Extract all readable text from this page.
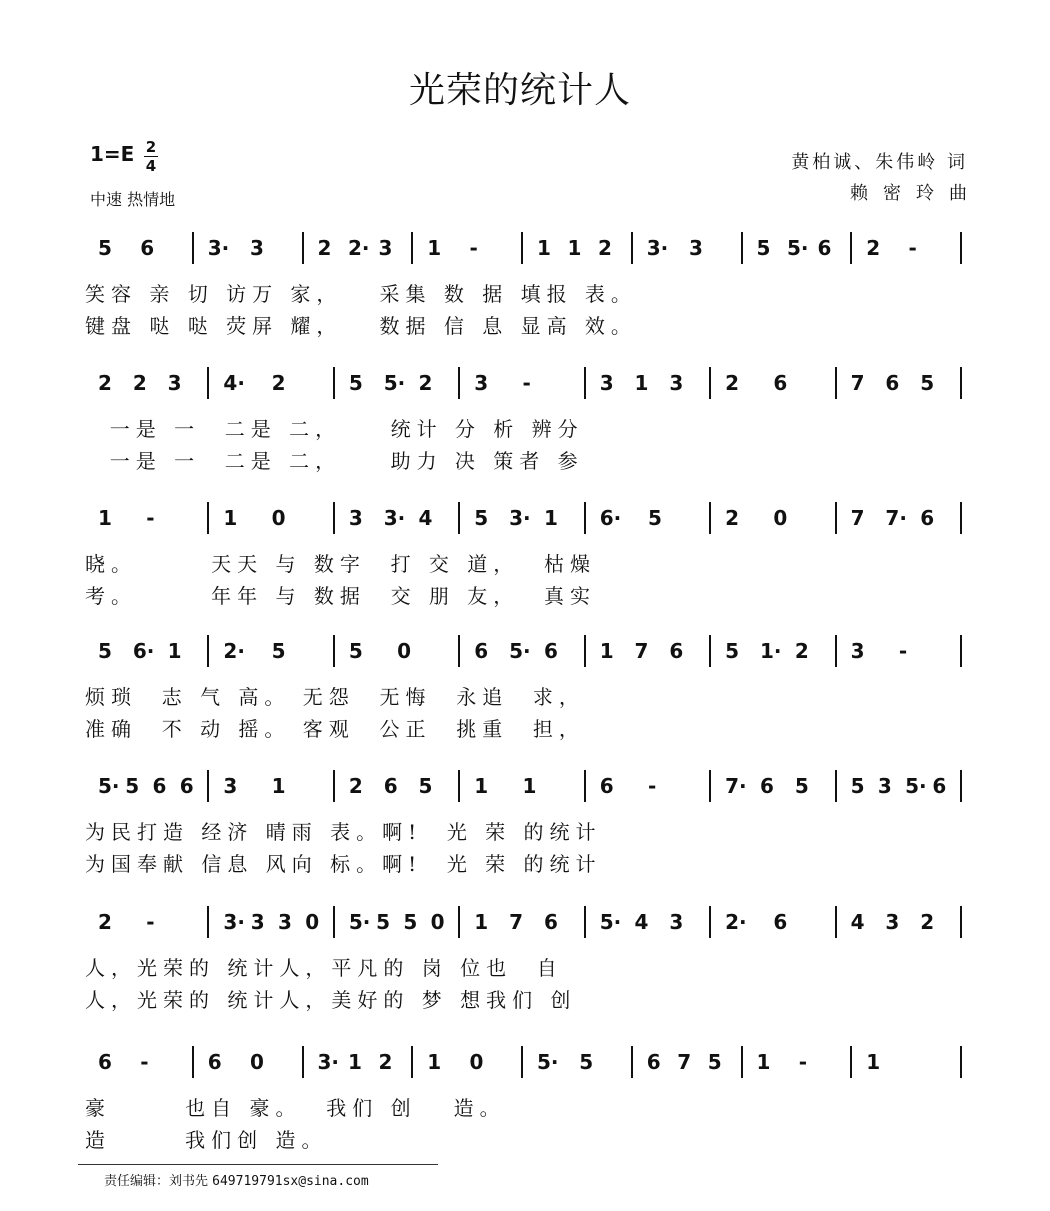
光荣的统计人
1=E 2
4
中速 热情地
黄柏诚、朱伟岭 词
赖密玲曲
5 6	3· 3	2 2· 3 1 -	1 1 2 3· 3	5 5· 6 2 -
笑容 亲 切 访万 家，   采集 数 据 填报 表。
键盘 哒 哒 荧屏 耀，   数据 信 息 显高 效。
2 2 3 4· 2	5 5· 2 3 -	3 1 3 2 6	7 6 5
一是 一  二是 二，    统计 分 析 辨分
一是 一  二是 二，    助力 决 策者 参
1 -	1 0	3 3· 4 5 3· 1 6· 5	2 0	7 7· 6
晓。      天天 与 数字  打 交 道，  枯燥
考。      年年 与 数据  交 朋 友，  真实
5 6· 1 2· 5	5 0	6 5· 6 1 7 6 5 1· 2 3 -
烦琐  志 气 高。 无怨  无悔  永追  求，
准确  不 动 摇。 客观  公正  挑重  担，
5· 5 6 6 3 1	2 6 5 1 1	6 -	7· 6 5 5 3 5· 6
为民打造 经济 晴雨 表。啊!  光 荣 的统计
为国奉献 信息 风向 标。啊!  光 荣 的统计
2 -	3· 3 3 0 5· 5 5 0 1 7 6 5· 4 3 2· 6	4 3 2
人，光荣的 统计人，平凡的 岗 位也  自
人，光荣的 统计人，美好的 梦 想我们 创
6 -	6 0	3· 1 2 1 0	5· 5	6 7 5 1 -	1
豪      也自 豪。  我们 创   造。
造      我们创 造。
责任编辑：刘书先 649719791sx@sina.com
